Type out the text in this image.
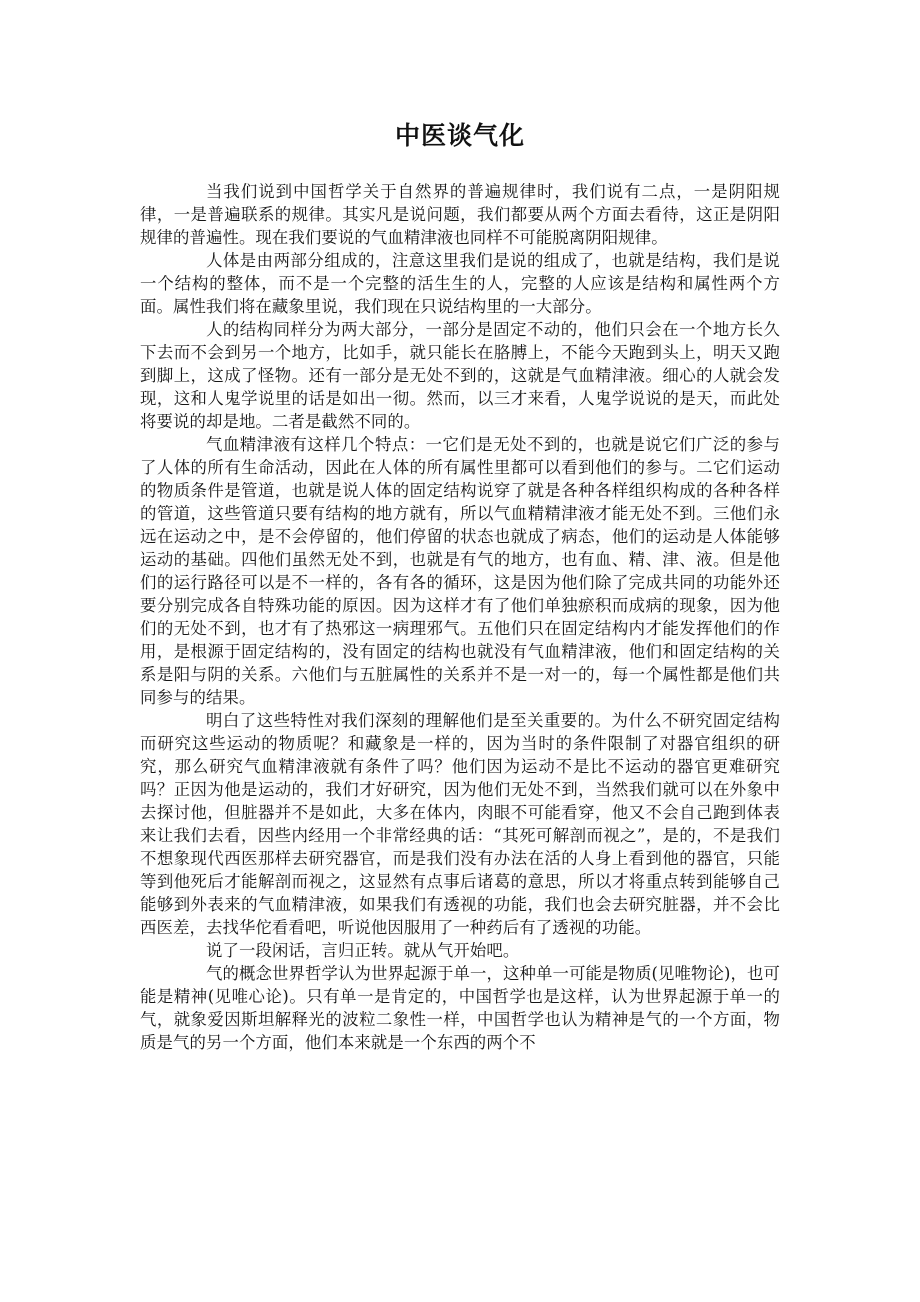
中医谈气化

当我们说到中国哲学关于自然界的普遍规律时，我们说有二点，一是阴阳规律，一是普遍联系的规律。其实凡是说问题，我们都要从两个方面去看待，这正是阴阳规律的普遍性。现在我们要说的气血精津液也同样不可能脱离阴阳规律。

人体是由两部分组成的，注意这里我们是说的组成了，也就是结构，我们是说一个结构的整体，而不是一个完整的活生生的人，完整的人应该是结构和属性两个方面。属性我们将在藏象里说，我们现在只说结构里的一大部分。

人的结构同样分为两大部分，一部分是固定不动的，他们只会在一个地方长久下去而不会到另一个地方，比如手，就只能长在胳膊上，不能今天跑到头上，明天又跑到脚上，这成了怪物。还有一部分是无处不到的，这就是气血精津液。细心的人就会发现，这和人鬼学说里的话是如出一彻。然而，以三才来看，人鬼学说说的是天，而此处将要说的却是地。二者是截然不同的。

气血精津液有这样几个特点：一它们是无处不到的，也就是说它们广泛的参与了人体的所有生命活动，因此在人体的所有属性里都可以看到他们的参与。二它们运动的物质条件是管道，也就是说人体的固定结构说穿了就是各种各样组织构成的各种各样的管道，这些管道只要有结构的地方就有，所以气血精精津液才能无处不到。三他们永远在运动之中，是不会停留的，他们停留的状态也就成了病态，他们的运动是人体能够运动的基础。四他们虽然无处不到，也就是有气的地方，也有血、精、津、液。但是他们的运行路径可以是不一样的，各有各的循环，这是因为他们除了完成共同的功能外还要分别完成各自特殊功能的原因。因为这样才有了他们单独瘀积而成病的现象，因为他们的无处不到，也才有了热邪这一病理邪气。五他们只在固定结构内才能发挥他们的作用，是根源于固定结构的，没有固定的结构也就没有气血精津液，他们和固定结构的关系是阳与阴的关系。六他们与五脏属性的关系并不是一对一的，每一个属性都是他们共同参与的结果。

明白了这些特性对我们深刻的理解他们是至关重要的。为什么不研究固定结构而研究这些运动的物质呢？和藏象是一样的，因为当时的条件限制了对器官组织的研究，那么研究气血精津液就有条件了吗？他们因为运动不是比不运动的器官更难研究吗？正因为他是运动的，我们才好研究，因为他们无处不到，当然我们就可以在外象中去探讨他，但脏器并不是如此，大多在体内，肉眼不可能看穿，他又不会自己跑到体表来让我们去看，因些内经用一个非常经典的话：“其死可解剖而视之”，是的，不是我们不想象现代西医那样去研究器官，而是我们没有办法在活的人身上看到他的器官，只能等到他死后才能解剖而视之，这显然有点事后诸葛的意思，所以才将重点转到能够自己能够到外表来的气血精津液，如果我们有透视的功能，我们也会去研究脏器，并不会比西医差，去找华佗看看吧，听说他因服用了一种药后有了透视的功能。

说了一段闲话，言归正转。就从气开始吧。

气的概念世界哲学认为世界起源于单一，这种单一可能是物质(见唯物论)，也可能是精神(见唯心论)。只有单一是肯定的，中国哲学也是这样，认为世界起源于单一的气，就象爱因斯坦解释光的波粒二象性一样，中国哲学也认为精神是气的一个方面，物质是气的另一个方面，他们本来就是一个东西的两个不
